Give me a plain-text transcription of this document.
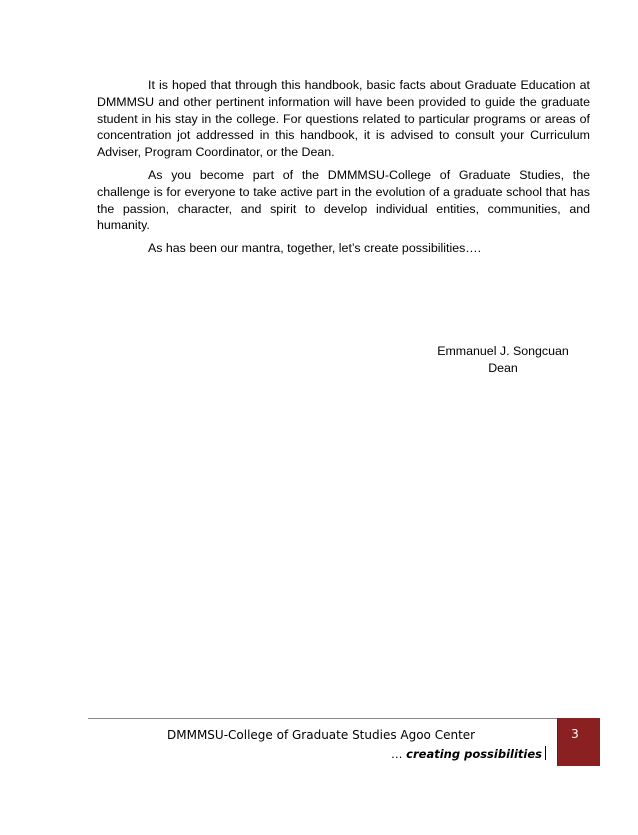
It is hoped that through this handbook, basic facts about Graduate Education at DMMMSU and other pertinent information will have been provided to guide the graduate student in his stay in the college. For questions related to particular programs or areas of concentration jot addressed in this handbook, it is advised to consult your Curriculum Adviser, Program Coordinator, or the Dean.

As you become part of the DMMMSU-College of Graduate Studies, the challenge is for everyone to take active part in the evolution of a graduate school that has the passion, character, and spirit to develop individual entities, communities, and humanity.

As has been our mantra, together, let’s create possibilities….

Emmanuel J. Songcuan
Dean
DMMMSU-College of Graduate Studies Agoo Center
… creating possibilities
3
